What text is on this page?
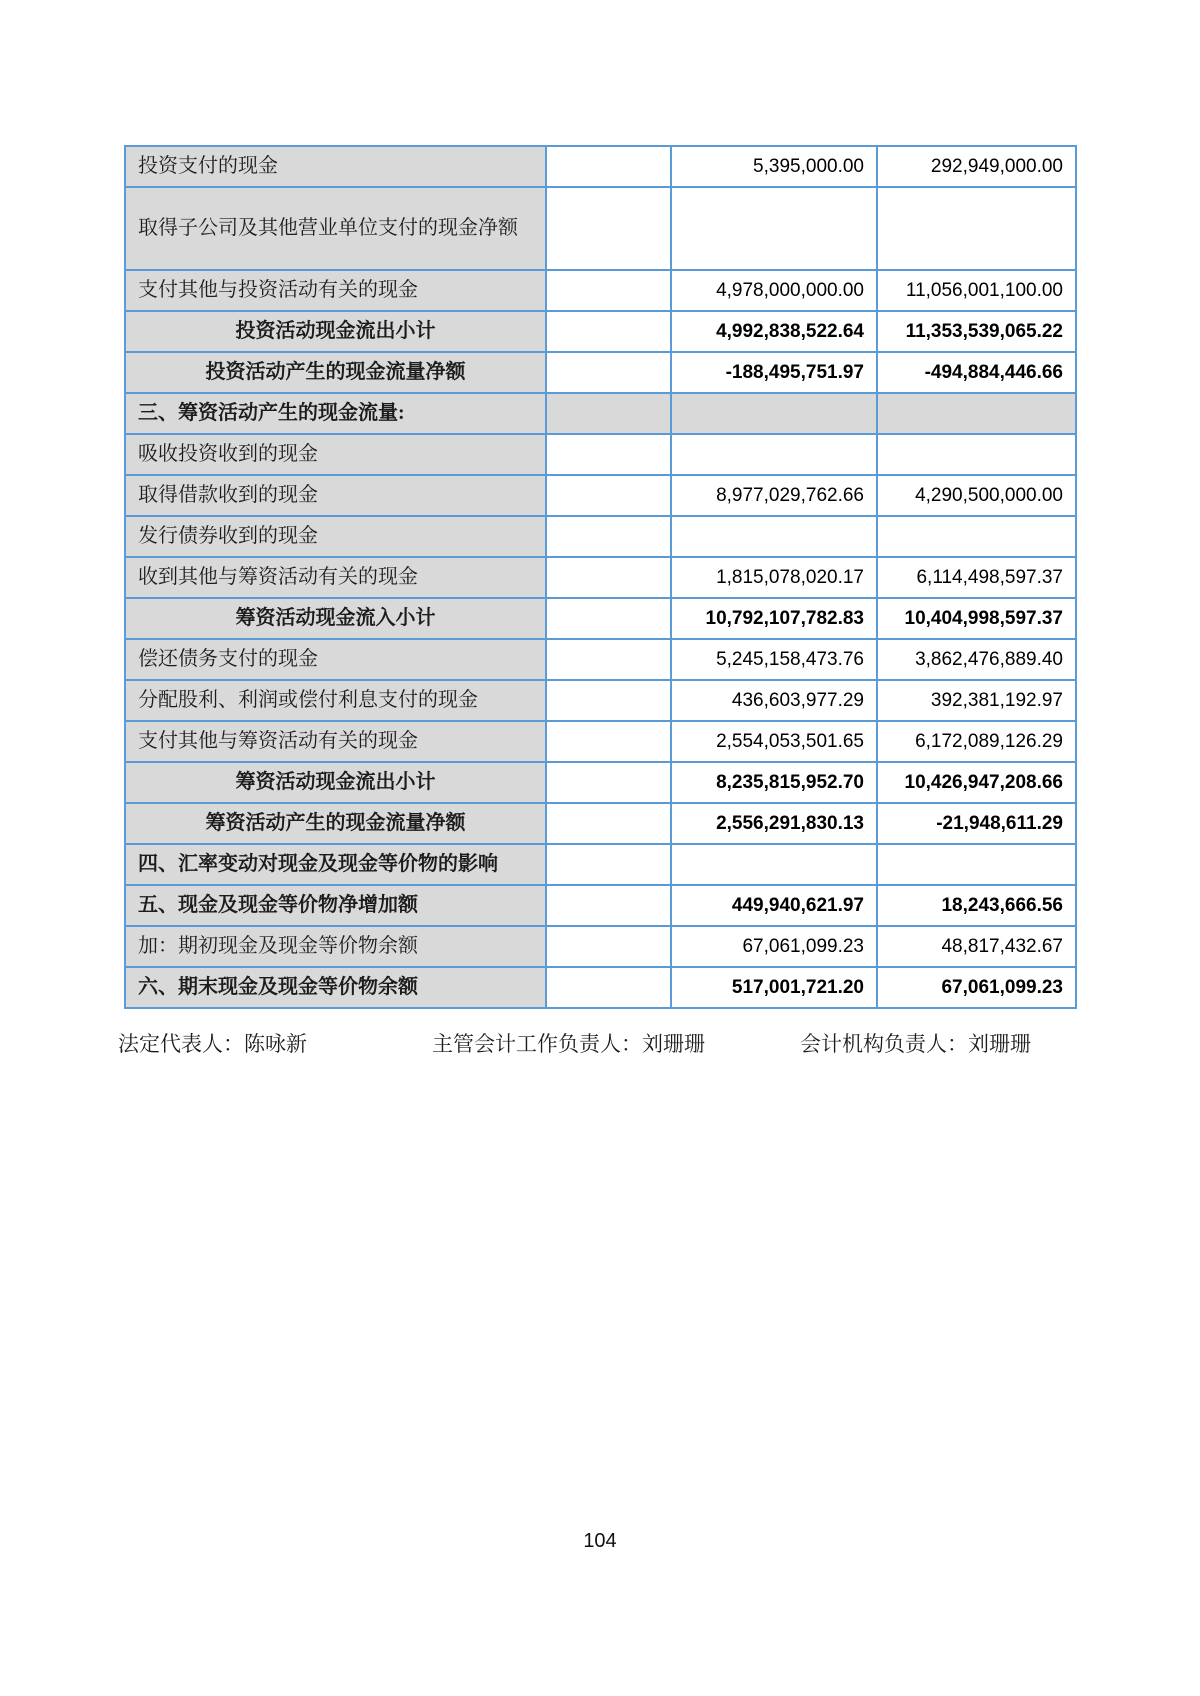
投资支付的现金	5,395,000.00	292,949,000.00
取得子公司及其他营业单位支付的现金净额
支付其他与投资活动有关的现金	4,978,000,000.00	11,056,001,100.00
投资活动现金流出小计	4,992,838,522.64	11,353,539,065.22
投资活动产生的现金流量净额	-188,495,751.97	-494,884,446.66
三、筹资活动产生的现金流量:
吸收投资收到的现金
取得借款收到的现金	8,977,029,762.66	4,290,500,000.00
发行债券收到的现金
收到其他与筹资活动有关的现金	1,815,078,020.17	6,114,498,597.37
筹资活动现金流入小计	10,792,107,782.83	10,404,998,597.37
偿还债务支付的现金	5,245,158,473.76	3,862,476,889.40
分配股利、利润或偿付利息支付的现金	436,603,977.29	392,381,192.97
支付其他与筹资活动有关的现金	2,554,053,501.65	6,172,089,126.29
筹资活动现金流出小计	8,235,815,952.70	10,426,947,208.66
筹资活动产生的现金流量净额	2,556,291,830.13	-21,948,611.29
四、汇率变动对现金及现金等价物的影响
五、现金及现金等价物净增加额	449,940,621.97	18,243,666.56
加：期初现金及现金等价物余额	67,061,099.23	48,817,432.67
六、期末现金及现金等价物余额	517,001,721.20	67,061,099.23
法定代表人：陈咏新	主管会计工作负责人：刘珊珊	会计机构负责人：刘珊珊
104
